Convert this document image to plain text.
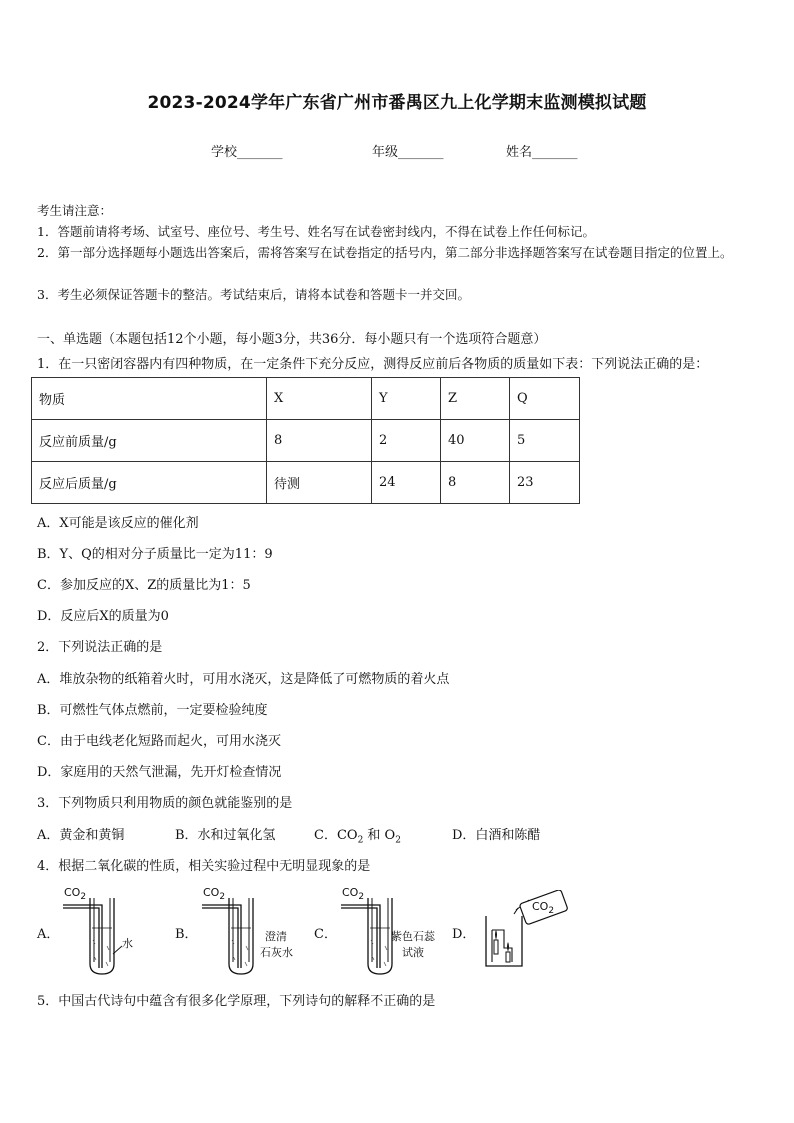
2023-2024学年广东省广州市番禺区九上化学期末监测模拟试题
学校_______	年级_______	姓名_______
考生请注意：
1．答题前请将考场、试室号、座位号、考生号、姓名写在试卷密封线内，不得在试卷上作任何标记。
2．第一部分选择题每小题选出答案后，需将答案写在试卷指定的括号内，第二部分非选择题答案写在试卷题目指定的位置上。
3．考生必须保证答题卡的整洁。考试结束后，请将本试卷和答题卡一并交回。
一、单选题（本题包括12个小题，每小题3分，共36分．每小题只有一个选项符合题意）
1．在一只密闭容器内有四种物质，在一定条件下充分反应，测得反应前后各物质的质量如下表：下列说法正确的是：
物质	X	Y	Z	Q
反应前质量/g	8	2	40	5
反应后质量/g	待测	24	8	23
A．X可能是该反应的催化剂
B．Y、Q的相对分子质量比一定为11：9
C．参加反应的X、Z的质量比为1：5
D．反应后X的质量为0
2．下列说法正确的是
A．堆放杂物的纸箱着火时，可用水浇灭，这是降低了可燃物质的着火点
B．可燃性气体点燃前，一定要检验纯度
C．由于电线老化短路而起火，可用水浇灭
D．家庭用的天然气泄漏，先开灯检查情况
3．下列物质只利用物质的颜色就能鉴别的是
A．黄金和黄铜	B．水和过氧化氢	C．$CO_2$ 和 $O_2$	D．白酒和陈醋
4．根据二氧化碳的性质，相关实验过程中无明显现象的是
A．
$CO_2$
水
B．
$CO_2$
澄清
石灰水
C．
$CO_2$
紫色石蕊
试液
D．
$CO_2$
5．中国古代诗句中蕴含有很多化学原理，下列诗句的解释不正确的是
